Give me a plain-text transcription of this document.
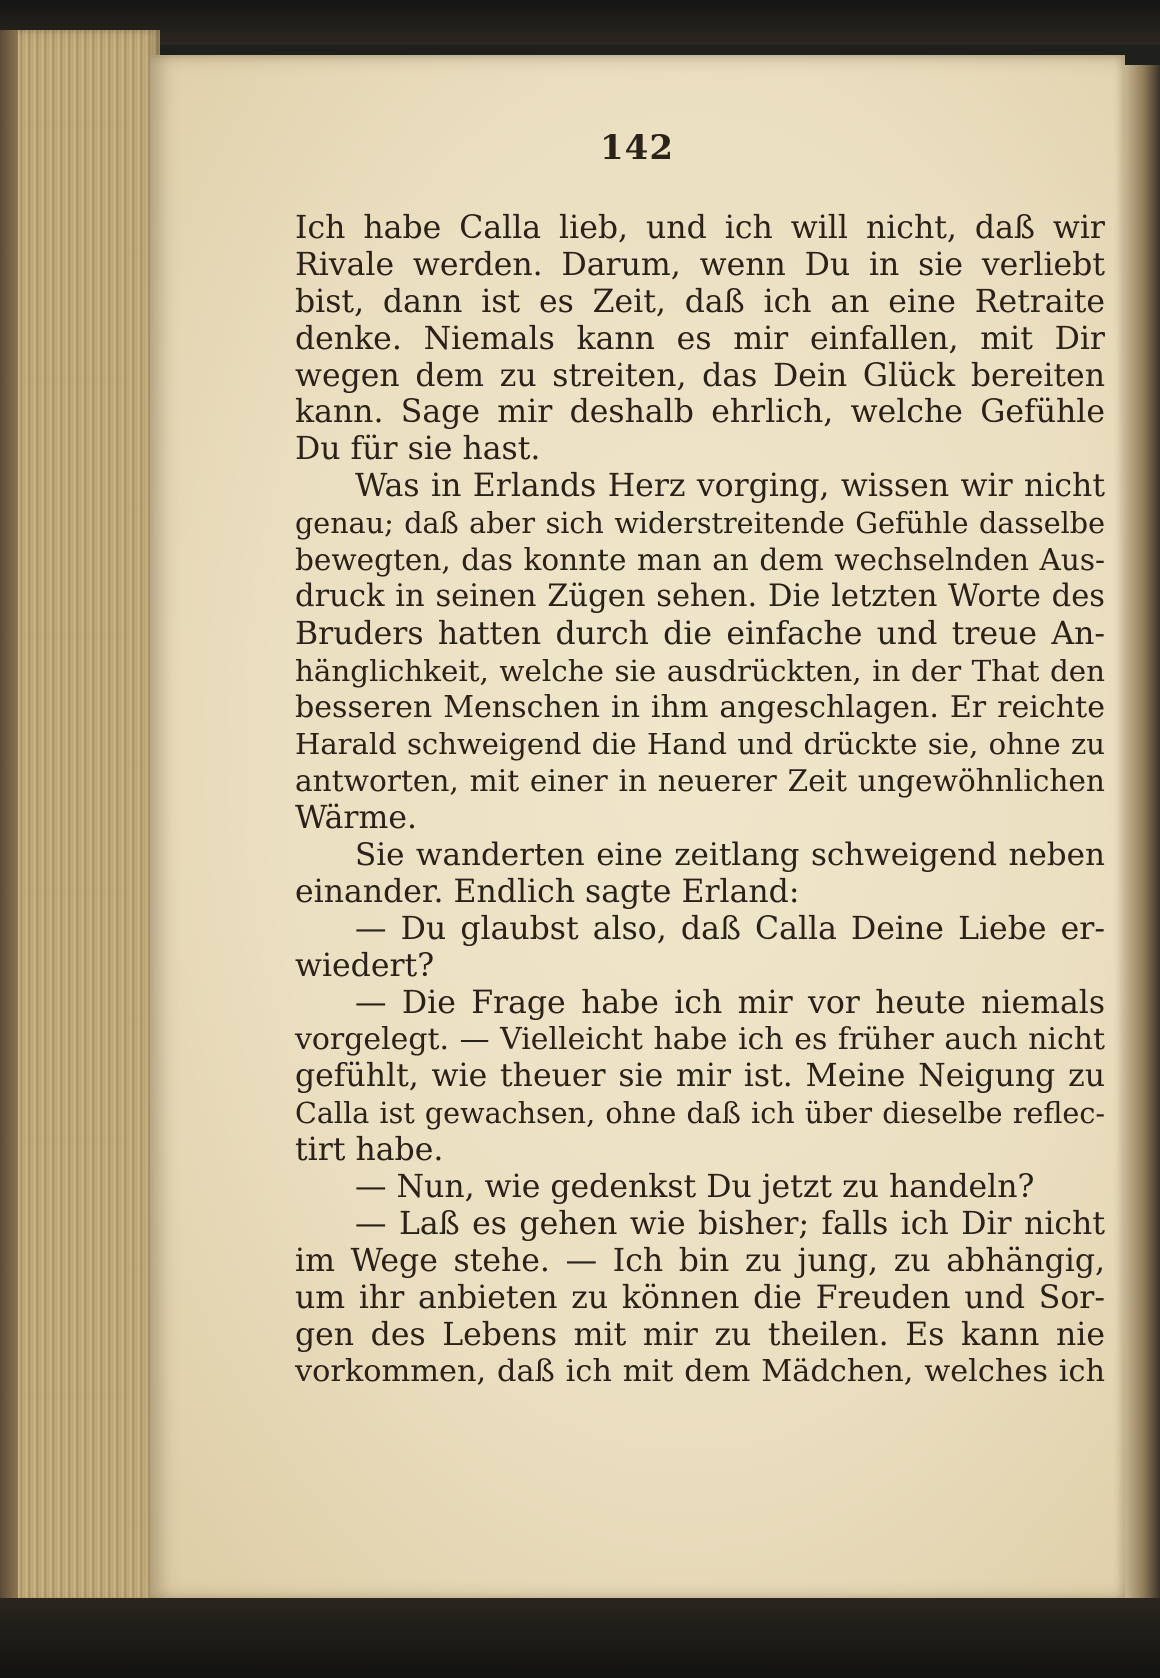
142
Ich habe Calla lieb, und ich will nicht, daß wir
Rivale werden. Darum, wenn Du in sie verliebt
bist, dann ist es Zeit, daß ich an eine Retraite
denke. Niemals kann es mir einfallen, mit Dir
wegen dem zu streiten, das Dein Glück bereiten
kann. Sage mir deshalb ehrlich, welche Gefühle
Du für sie hast.
Was in Erlands Herz vorging, wissen wir nicht
genau; daß aber sich widerstreitende Gefühle dasselbe
bewegten, das konnte man an dem wechselnden Aus-
druck in seinen Zügen sehen. Die letzten Worte des
Bruders hatten durch die einfache und treue An-
hänglichkeit, welche sie ausdrückten, in der That den
besseren Menschen in ihm angeschlagen. Er reichte
Harald schweigend die Hand und drückte sie, ohne zu
antworten, mit einer in neuerer Zeit ungewöhnlichen
Wärme.
Sie wanderten eine zeitlang schweigend neben
einander. Endlich sagte Erland:
— Du glaubst also, daß Calla Deine Liebe er-
wiedert?
— Die Frage habe ich mir vor heute niemals
vorgelegt. — Vielleicht habe ich es früher auch nicht
gefühlt, wie theuer sie mir ist. Meine Neigung zu
Calla ist gewachsen, ohne daß ich über dieselbe reflec-
tirt habe.
— Nun, wie gedenkst Du jetzt zu handeln?
— Laß es gehen wie bisher; falls ich Dir nicht
im Wege stehe. — Ich bin zu jung, zu abhängig,
um ihr anbieten zu können die Freuden und Sor-
gen des Lebens mit mir zu theilen. Es kann nie
vorkommen, daß ich mit dem Mädchen, welches ich
